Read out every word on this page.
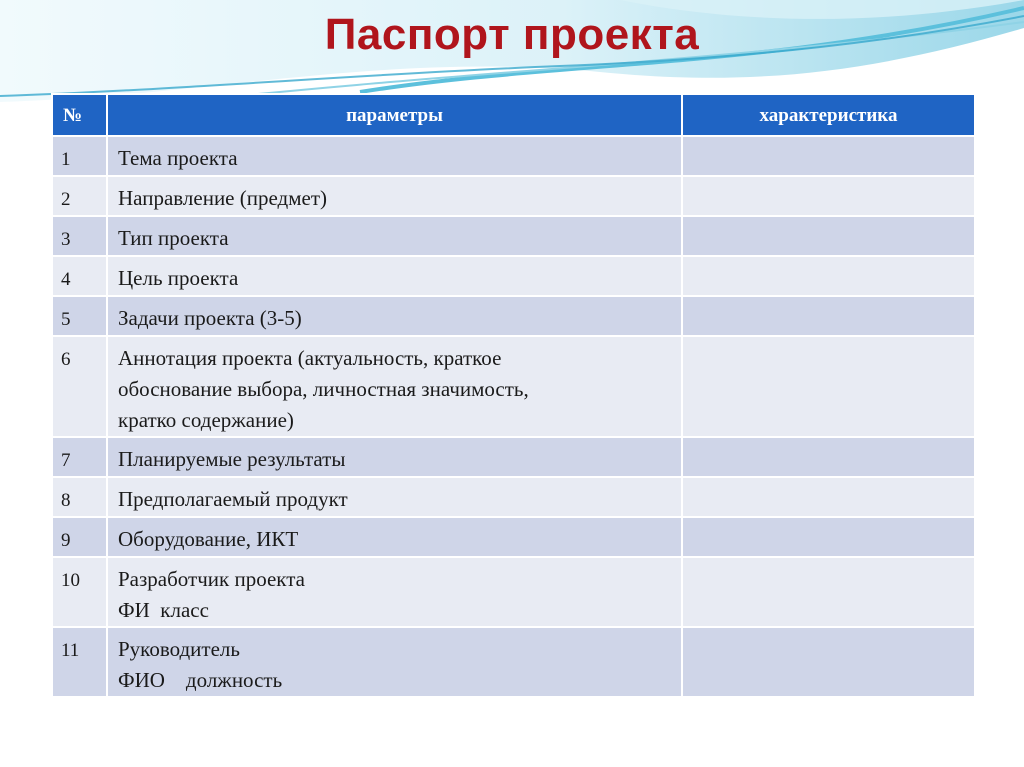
Паспорт проекта
№	параметры	характеристика
1	Тема проекта	

2	Направление (предмет)	

3	Тип проекта	

4	Цель проекта	

5	Задачи проекта (3-5)	

6	Аннотация проекта (актуальность, краткое
обоснование выбора, личностная значимость,
кратко содержание)	

7	Планируемые результаты	

8	Предполагаемый продукт	

9	Оборудование, ИКТ	

10	Разработчик проекта
ФИ  класс	

11	Руководитель
ФИО    должность	
